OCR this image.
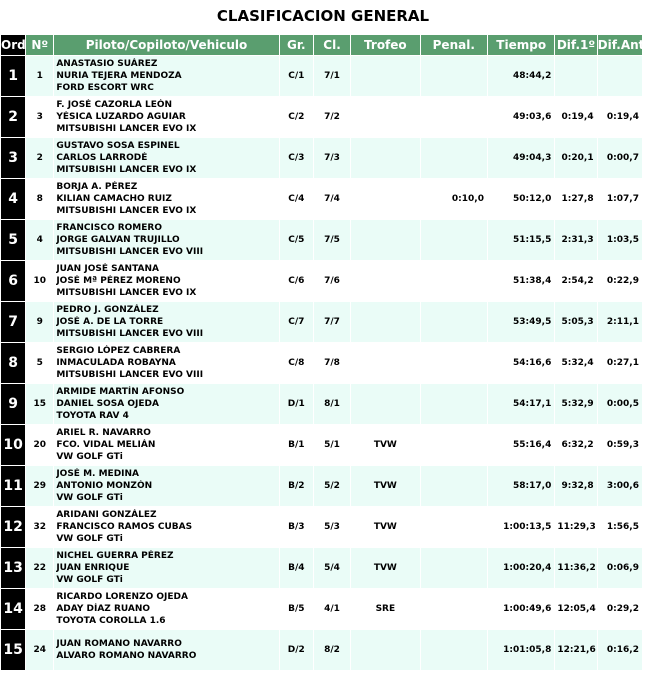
CLASIFICACION GENERAL
Ord	Nº	Piloto/Copiloto/Vehiculo	Gr.	Cl.	Trofeo	Penal.	Tiempo	Dif.1º	Dif.Ant
1	1	ANASTASIO SUÁREZ
NURIA TEJERA MENDOZA
FORD ESCORT WRC	C/1	7/1			48:44,2		
2	3	F. JOSÉ CAZORLA LEÓN
YÉSICA LUZARDO AGUIAR
MITSUBISHI LANCER EVO IX	C/2	7/2			49:03,6	0:19,4	0:19,4
3	2	GUSTAVO SOSA ESPINEL
CARLOS LARRODÉ
MITSUBISHI LANCER EVO IX	C/3	7/3			49:04,3	0:20,1	0:00,7
4	8	BORJA A. PÉREZ
KILIAN CAMACHO RUIZ
MITSUBISHI LANCER EVO IX	C/4	7/4		0:10,0	50:12,0	1:27,8	1:07,7
5	4	FRANCISCO ROMERO
JORGE GALVAN TRUJILLO
MITSUBISHI LANCER EVO VIII	C/5	7/5			51:15,5	2:31,3	1:03,5
6	10	JUAN JOSÉ SANTANA
JOSÉ Mª PÉREZ MORENO
MITSUBISHI LANCER EVO IX	C/6	7/6			51:38,4	2:54,2	0:22,9
7	9	PEDRO J. GONZÁLEZ
JOSÉ A. DE LA TORRE
MITSUBISHI LANCER EVO VIII	C/7	7/7			53:49,5	5:05,3	2:11,1
8	5	SERGIO LÓPEZ CABRERA
INMACULADA ROBAYNA
MITSUBISHI LANCER EVO VIII	C/8	7/8			54:16,6	5:32,4	0:27,1
9	15	ARMIDE MARTÍN AFONSO
DANIEL SOSA OJEDA
TOYOTA RAV 4	D/1	8/1			54:17,1	5:32,9	0:00,5
10	20	ARIEL R. NAVARRO
FCO. VIDAL MELIÁN
VW GOLF GTi	B/1	5/1	TVW		55:16,4	6:32,2	0:59,3
11	29	JOSÉ M. MEDINA
ANTONIO MONZÓN
VW GOLF GTi	B/2	5/2	TVW		58:17,0	9:32,8	3:00,6
12	32	ARIDANI GONZÁLEZ
FRANCISCO RAMOS CUBAS
VW GOLF GTi	B/3	5/3	TVW		1:00:13,5	11:29,3	1:56,5
13	22	NICHEL GUERRA PÉREZ
JUAN ENRIQUE
VW GOLF GTi	B/4	5/4	TVW		1:00:20,4	11:36,2	0:06,9
14	28	RICARDO LORENZO OJEDA
ADAY DÍAZ RUANO
TOYOTA COROLLA 1.6	B/5	4/1	SRE		1:00:49,6	12:05,4	0:29,2
15	24	JUAN ROMANO NAVARRO
ALVARO ROMANO NAVARRO	D/2	8/2			1:01:05,8	12:21,6	0:16,2
